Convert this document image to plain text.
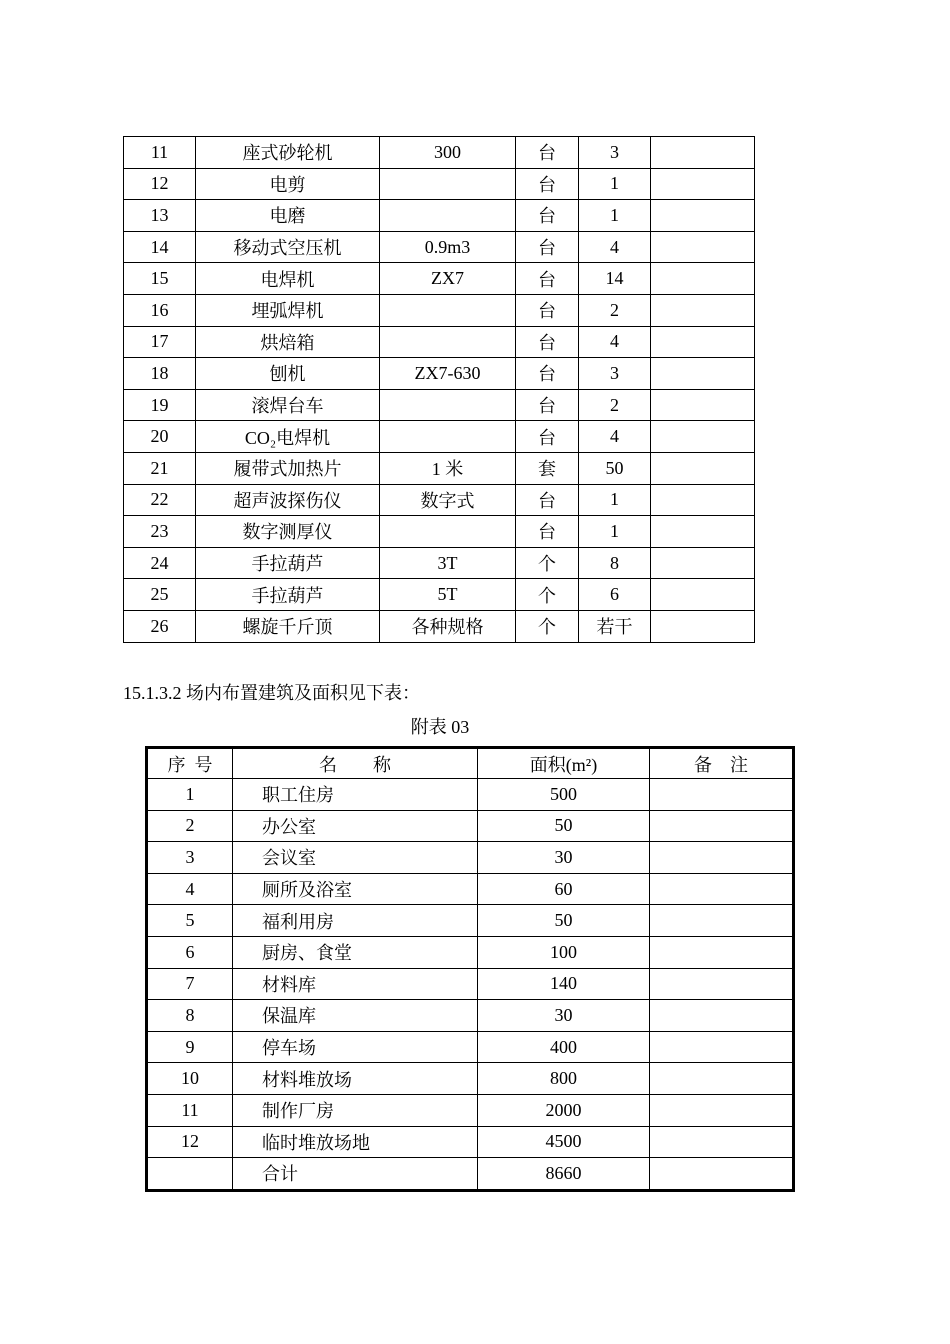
11	座式砂轮机	300	台	3	
12	电剪		台	1	
13	电磨		台	1	
14	移动式空压机	0.9m3	台	4	
15	电焊机	ZX7	台	14	
16	埋弧焊机		台	2	
17	烘焙箱		台	4	
18	刨机	ZX7-630	台	3	
19	滚焊台车		台	2	
20	CO₂电焊机		台	4	
21	履带式加热片	1 米	套	50	
22	超声波探伤仪	数字式	台	1	
23	数字测厚仪		台	1	
24	手拉葫芦	3T	个	8	
25	手拉葫芦	5T	个	6	
26	螺旋千斤顶	各种规格	个	若干	
15.1.3.2 场内布置建筑及面积见下表：
附表 03
序  号	名        称	面积(m²)	备    注
1	职工住房	500	
2	办公室	50	
3	会议室	30	
4	厕所及浴室	60	
5	福利用房	50	
6	厨房、食堂	100	
7	材料库	140	
8	保温库	30	
9	停车场	400	
10	材料堆放场	800	
11	制作厂房	2000	
12	临时堆放场地	4500	
	合计	8660	
